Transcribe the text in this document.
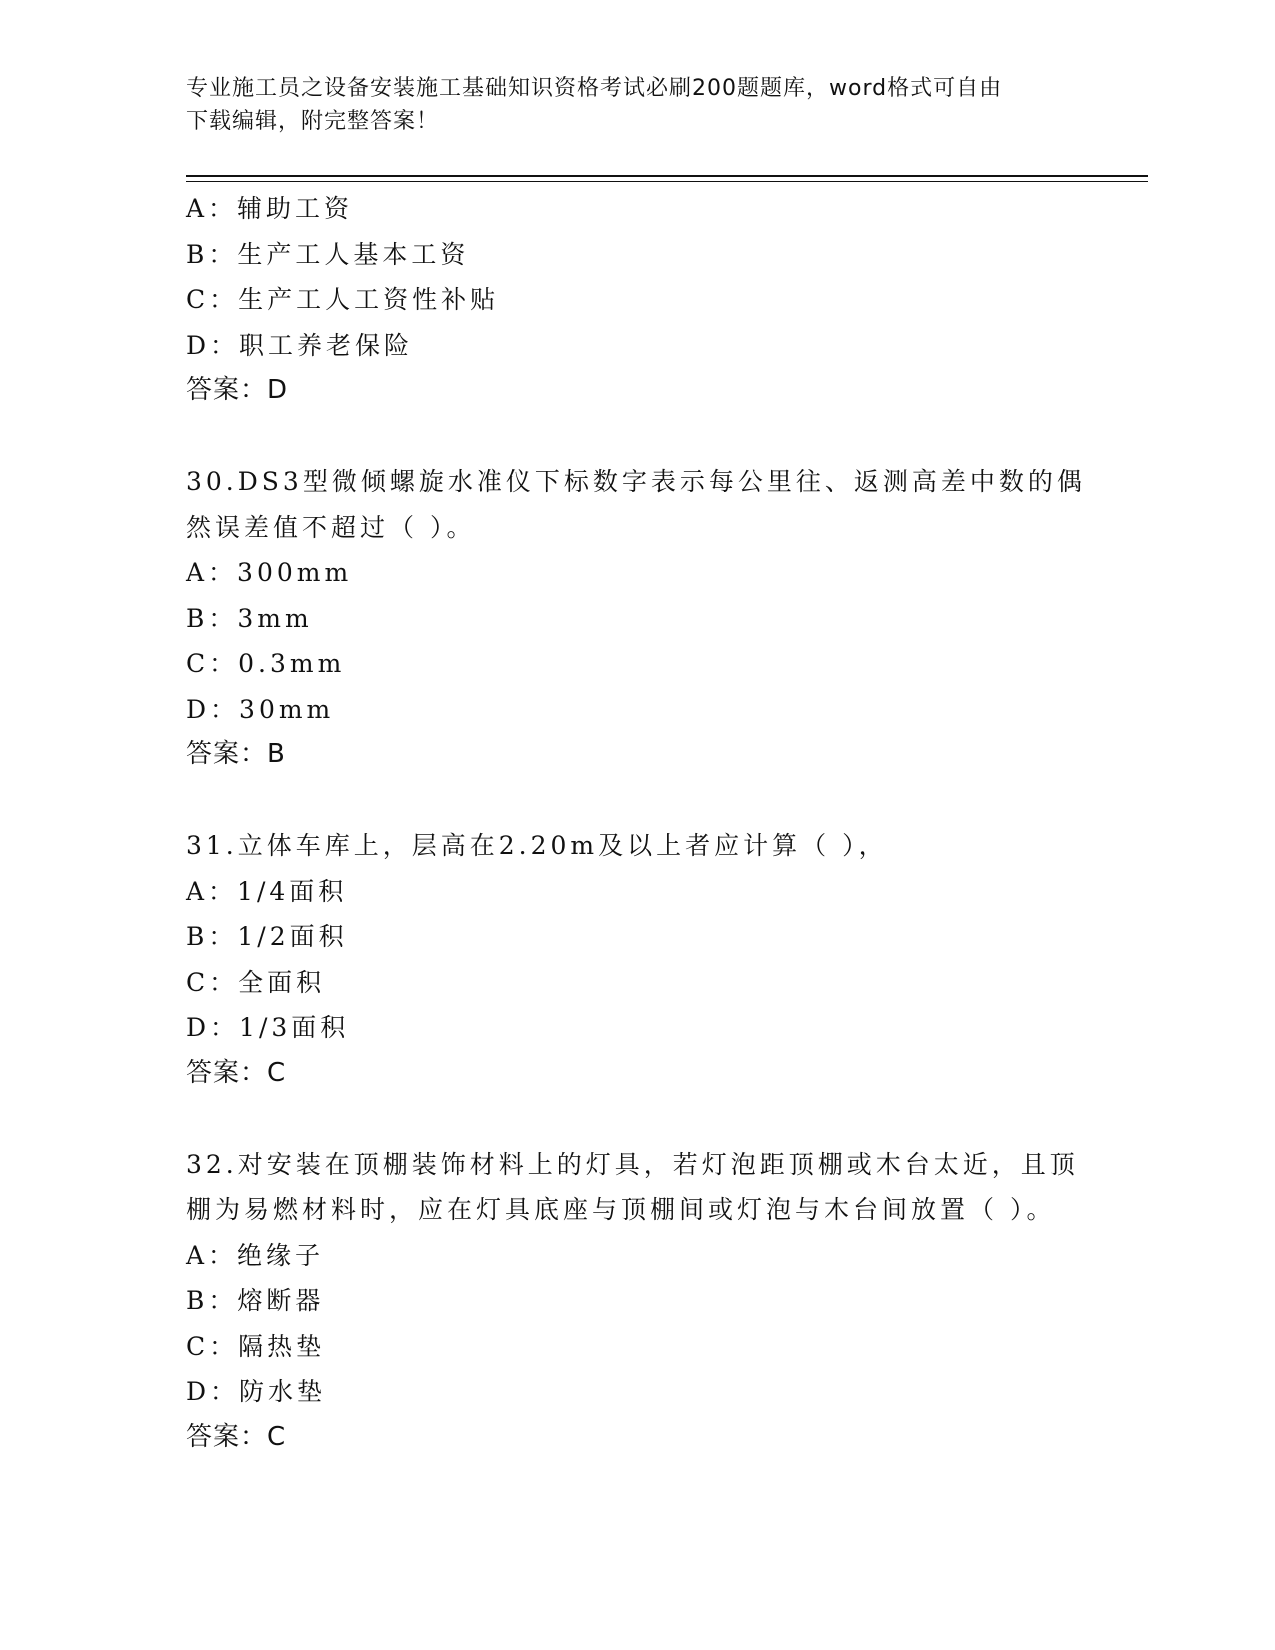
专业施工员之设备安装施工基础知识资格考试必刷200题题库，word格式可自由
下载编辑，附完整答案！
A：辅助工资
B：生产工人基本工资
C：生产工人工资性补贴
D：职工养老保险
答案：D
30.DS3型微倾螺旋水准仪下标数字表示每公里往、返测高差中数的偶
然误差值不超过（ ）。
A：300mm
B：3mm
C：0.3mm
D：30mm
答案：B
31.立体车库上，层高在2.20m及以上者应计算（ ），
A：1/4面积
B：1/2面积
C：全面积
D：1/3面积
答案：C
32.对安装在顶棚装饰材料上的灯具，若灯泡距顶棚或木台太近，且顶
棚为易燃材料时，应在灯具底座与顶棚间或灯泡与木台间放置（ ）。
A：绝缘子
B：熔断器
C：隔热垫
D：防水垫
答案：C
